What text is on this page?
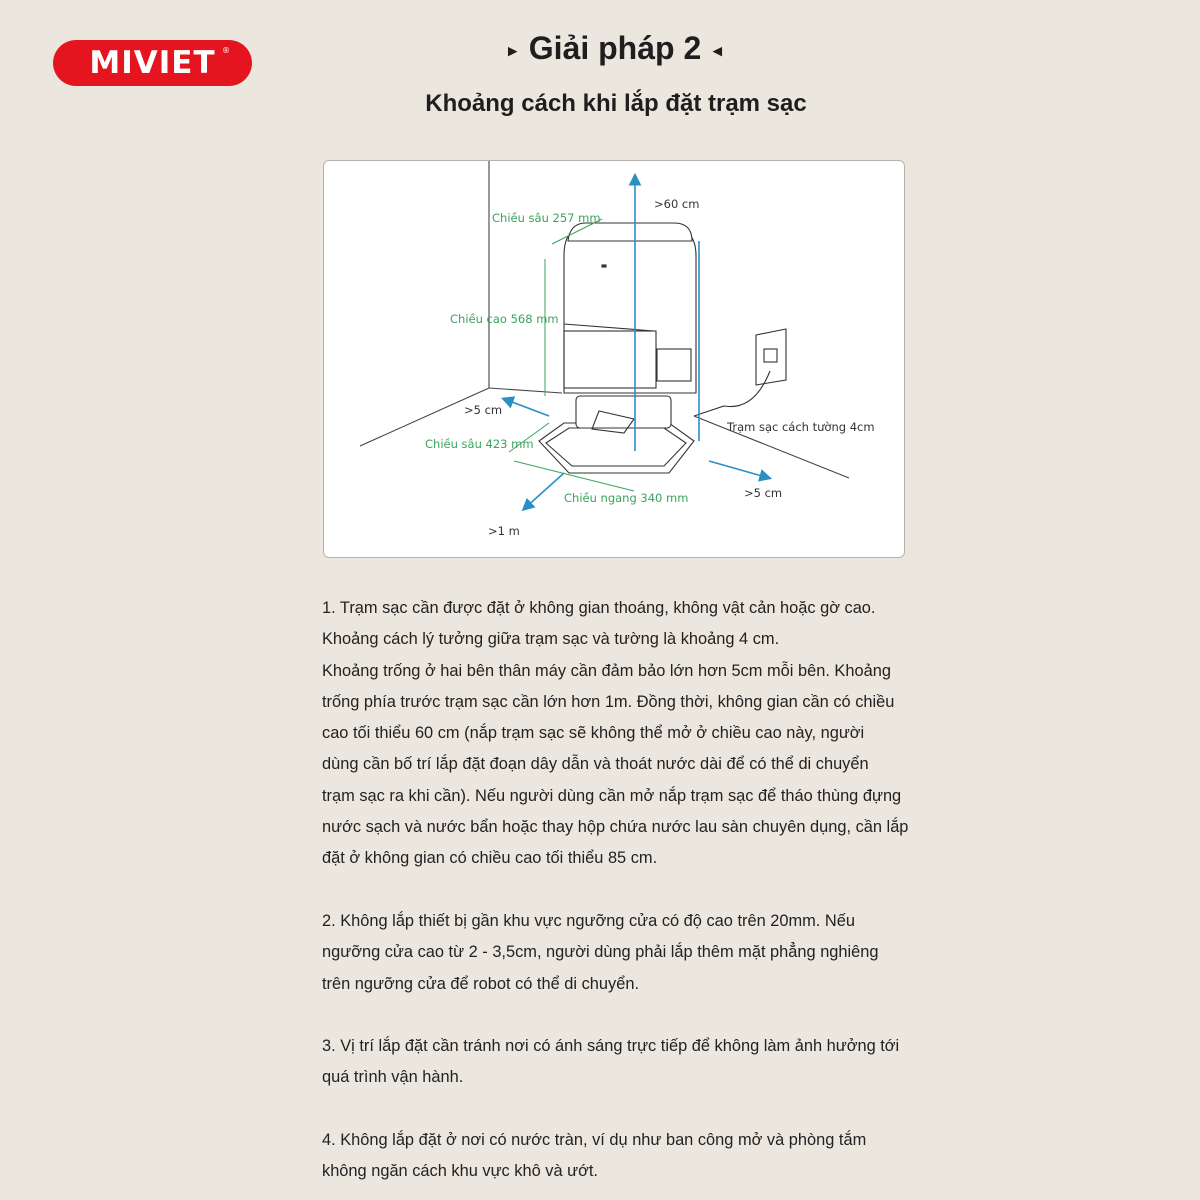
MIVIET ®	▸ Giải pháp 2 ◂
Khoảng cách khi lắp đặt trạm sạc
>60 cm
Chiều sâu 257 mm
Chiều cao 568 mm
>5 cm
Chiều sâu 423 mm
Trạm sạc cách tường 4cm
Chiều ngang 340 mm	>5 cm
>1 m

1. Trạm sạc cần được đặt ở không gian thoáng, không vật cản hoặc gờ cao.

Khoảng cách lý tưởng giữa trạm sạc và tường là khoảng 4 cm.

Khoảng trống ở hai bên thân máy cần đảm bảo lớn hơn 5cm mỗi bên. Khoảng

trống phía trước trạm sạc cần lớn hơn 1m. Đồng thời, không gian cần có chiều

cao tối thiểu 60 cm (nắp trạm sạc sẽ không thể mở ở chiều cao này, người

dùng cần bố trí lắp đặt đoạn dây dẫn và thoát nước dài để có thể di chuyển

trạm sạc ra khi cần). Nếu người dùng cần mở nắp trạm sạc để tháo thùng đựng

nước sạch và nước bẩn hoặc thay hộp chứa nước lau sàn chuyên dụng, cần lắp

đặt ở không gian có chiều cao tối thiểu 85 cm.

2. Không lắp thiết bị gần khu vực ngưỡng cửa có độ cao trên 20mm. Nếu

ngưỡng cửa cao từ 2 - 3,5cm, người dùng phải lắp thêm mặt phẳng nghiêng

trên ngưỡng cửa để robot có thể di chuyển.

3. Vị trí lắp đặt cần tránh nơi có ánh sáng trực tiếp để không làm ảnh hưởng tới

quá trình vận hành.

4. Không lắp đặt ở nơi có nước tràn, ví dụ như ban công mở và phòng tắm

không ngăn cách khu vực khô và ướt.
